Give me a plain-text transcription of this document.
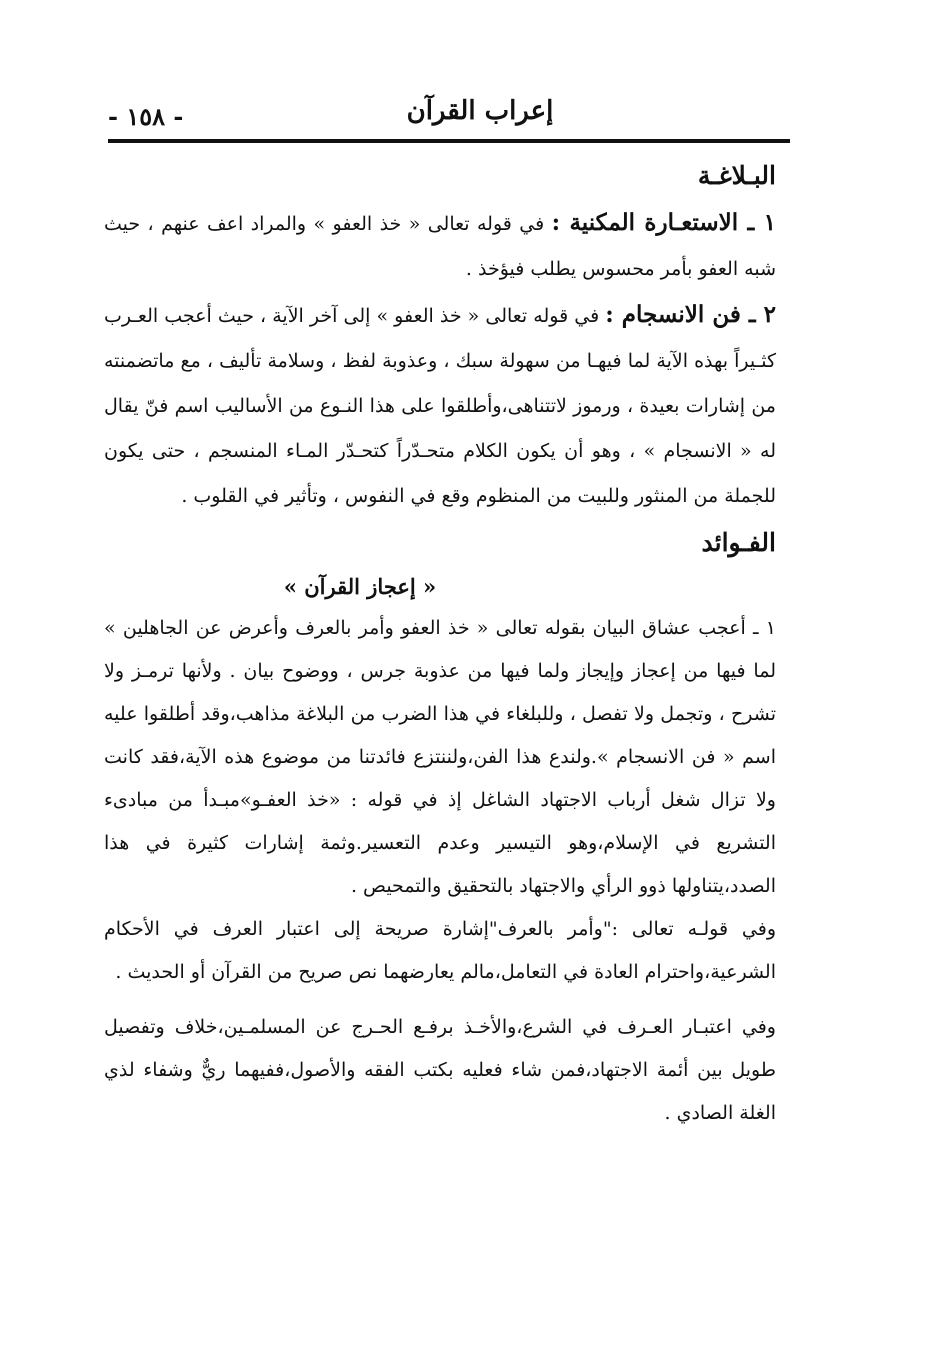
- ١٥٨ -	إعراب القرآن
البـلاغـة

١ ـ الاستعـارة المكنية : في قوله تعالى « خذ العفو » والمراد اعف عنهم ، حيث شبه العفو بأمر محسوس يطلب فيؤخذ .

٢ ـ فن الانسجام : في قوله تعالى « خذ العفو » إلى آخر الآية ، حيث أعجب العـرب كثـيراً بهذه الآية لما فيهـا من سهولة سبك ، وعذوبة لفظ ، وسلامة تأليف ، مع ماتضمنته من إشارات بعيدة ، ورموز لاتتناهى،وأطلقوا على هذا النـوع من الأساليب اسم فنّ يقال له « الانسجام » ، وهو أن يكون الكلام متحـدّراً كتحـدّر المـاء المنسجم ، حتى يكون للجملة من المنثور وللبيت من المنظوم وقع في النفوس ، وتأثير في القلوب .

الفـوائد
« إعجاز القرآن »

١ ـ أعجب عشاق البيان بقوله تعالى « خذ العفو وأمر بالعرف وأعرض عن الجاهلين » لما فيها من إعجاز وإيجاز ولما فيها من عذوبة جرس ، ووضوح بيان . ولأنها ترمـز ولا تشرح ، وتجمل ولا تفصل ، وللبلغاء في هذا الضرب من البلاغة مذاهب،وقد أطلقوا عليه اسم « فن الانسجام ».ولندع هذا الفن،ولننتزع فائدتنا من موضوع هذه الآية،فقد كانت ولا تزال شغل أرباب الاجتهاد الشاغل إذ في قوله : «خذ العفـو»مبـدأ من مبادىء التشريع في الإسلام،وهو التيسير وعدم التعسير.وثمة إشارات كثيرة في هذا الصدد،يتناولها ذوو الرأي والاجتهاد بالتحقيق والتمحيص .

وفي قولـه تعالى :"وأمر بالعرف"إشارة صريحة إلى اعتبار العرف في الأحكام الشرعية،واحترام العادة في التعامل،مالم يعارضهما نص صريح من القرآن أو الحديث .

وفي اعتبـار العـرف في الشرع،والأخـذ برفـع الحـرج عن المسلمـين،خلاف وتفصيل طويل بين أئمة الاجتهاد،فمن شاء فعليه بكتب الفقه والأصول،ففيهما ريٌّ وشفاء لذي الغلة الصادي .
